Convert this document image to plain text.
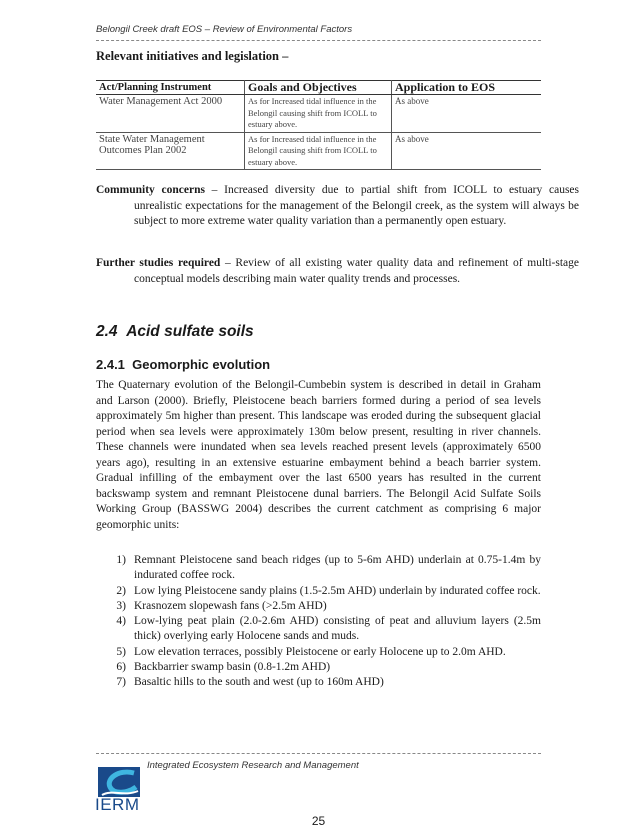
Belongil Creek draft EOS – Review of Environmental Factors
Relevant initiatives and legislation –
Act/Planning Instrument	Goals and Objectives	Application to EOS
Water Management Act 2000	As for Increased tidal influence in the Belongil causing shift from ICOLL to estuary above.	As above
State Water Management Outcomes Plan 2002	As for Increased tidal influence in the Belongil causing shift from ICOLL to estuary above.	As above
Community concerns – Increased diversity due to partial shift from ICOLL to estuary causes unrealistic expectations for the management of the Belongil creek, as the system will always be subject to more extreme water quality variation than a permanently open estuary.
Further studies required – Review of all existing water quality data and refinement of multi-stage conceptual models describing main water quality trends and processes.
2.4 Acid sulfate soils
2.4.1 Geomorphic evolution
The Quaternary evolution of the Belongil-Cumbebin system is described in detail in Graham and Larson (2000). Briefly, Pleistocene beach barriers formed during a period of sea levels approximately 5m higher than present. This landscape was eroded during the subsequent glacial period when sea levels were approximately 130m below present, resulting in river channels. These channels were inundated when sea levels reached present levels (approximately 6500 years ago), resulting in an extensive estuarine embayment behind a beach barrier system. Gradual infilling of the embayment over the last 6500 years has resulted in the current backswamp system and remnant Pleistocene dunal barriers. The Belongil Acid Sulfate Soils Working Group (BASSWG 2004) describes the current catchment as comprising 6 major geomorphic units:
1) Remnant Pleistocene sand beach ridges (up to 5-6m AHD) underlain at 0.75-1.4m by indurated coffee rock.
2) Low lying Pleistocene sandy plains (1.5-2.5m AHD) underlain by indurated coffee rock.
3) Krasnozem slopewash fans (>2.5m AHD)
4) Low-lying peat plain (2.0-2.6m AHD) consisting of peat and alluvium layers (2.5m thick) overlying early Holocene sands and muds.
5) Low elevation terraces, possibly Pleistocene or early Holocene up to 2.0m AHD.
6) Backbarrier swamp basin (0.8-1.2m AHD)
7) Basaltic hills to the south and west (up to 160m AHD)
Integrated Ecosystem Research and Management
IERM
25
